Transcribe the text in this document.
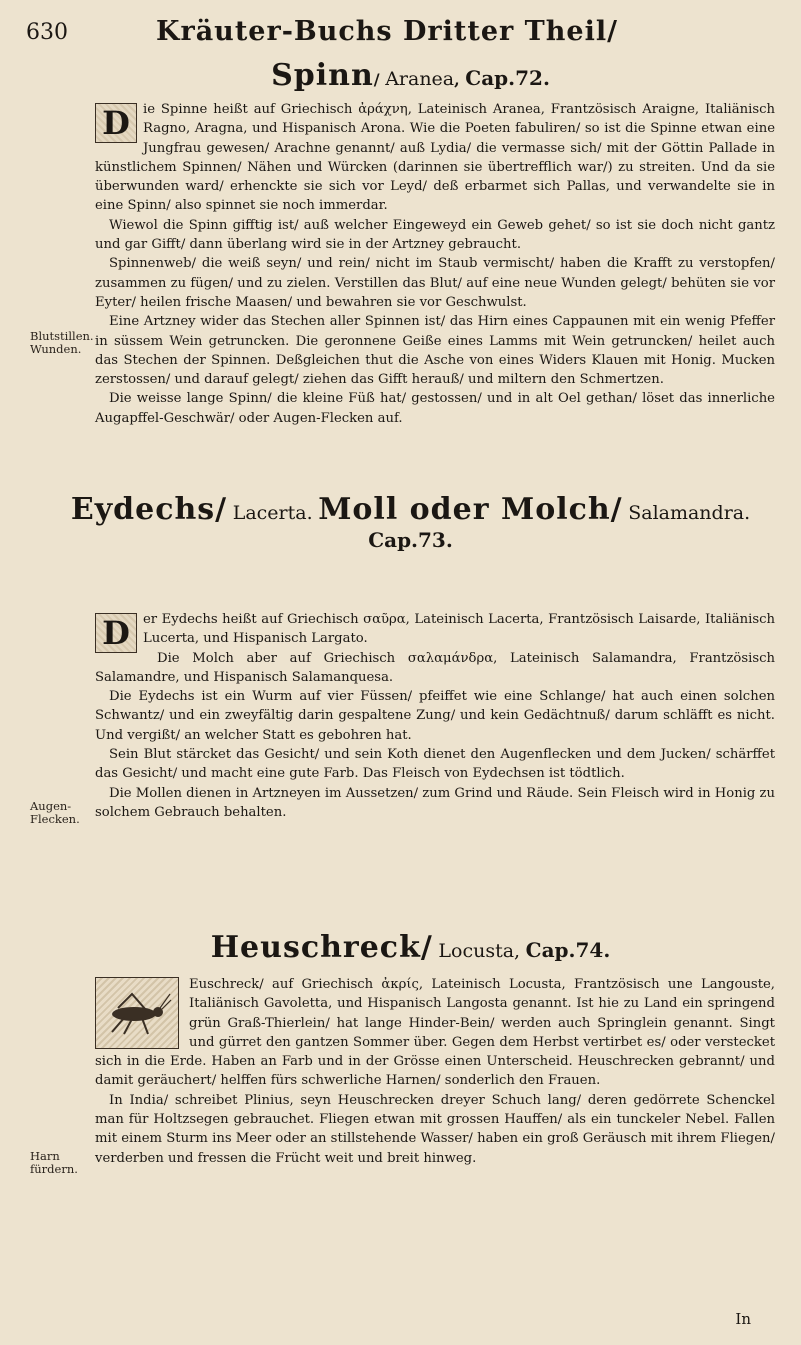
630	Kräuter-Buchs Dritter Theil/
Spinn/ Aranea, Cap.72.

D ie Spinne heißt auf Griechisch ἀράχνη, Lateinisch Aranea, Frantzösisch Araigne, Italiänisch Ragno, Aragna, und Hispanisch Arona. Wie die Poeten fabuliren/ so ist die Spinne etwan eine Jungfrau gewesen/ Arachne genannt/ auß Lydia/ die vermasse sich/ mit der Göttin Pallade in künstlichem Spinnen/ Nähen und Würcken (darinnen sie übertrefflich war/) zu streiten. Und da sie überwunden ward/ erhenckte sie sich vor Leyd/ deß erbarmet sich Pallas, und verwandelte sie in eine Spinn/ also spinnet sie noch immerdar.

Wiewol die Spinn gifftig ist/ auß welcher Eingeweyd ein Geweb gehet/ so ist sie doch nicht gantz und gar Gifft/ dann überlang wird sie in der Artzney gebraucht.

Spinnenweb/ die weiß seyn/ und rein/ nicht im Staub vermischt/ haben die Krafft zu verstopfen/ zusammen zu fügen/ und zu zielen. Verstillen das Blut/ auf eine neue Wunden gelegt/ behüten sie vor Eyter/ heilen frische Maasen/ und bewahren sie vor Geschwulst.

Eine Artzney wider das Stechen aller Spinnen ist/ das Hirn eines Cappaunen mit ein wenig Pfeffer in süssem Wein getruncken. Die geronnene Geiße eines Lamms mit Wein getruncken/ heilet auch das Stechen der Spinnen. Deßgleichen thut die Asche von eines Widers Klauen mit Honig. Mucken zerstossen/ und darauf gelegt/ ziehen das Gifft herauß/ und miltern den Schmertzen.

Die weisse lange Spinn/ die kleine Füß hat/ gestossen/ und in alt Oel gethan/ löset das innerliche Augapffel-Geschwär/ oder Augen-Flecken auf.

Blutstillen. Wunden.
Eydechs/ Lacerta. Moll oder Molch/ Salamandra.
Cap.73.

D er Eydechs heißt auf Griechisch σαῦρα, Lateinisch Lacerta, Frantzösisch Laisarde, Italiänisch Lucerta, und Hispanisch Largato.

Die Molch aber auf Griechisch σαλαμάνδρα, Lateinisch Salamandra, Frantzösisch Salamandre, und Hispanisch Salamanquesa.

Die Eydechs ist ein Wurm auf vier Füssen/ pfeiffet wie eine Schlange/ hat auch einen solchen Schwantz/ und ein zweyfältig darin gespaltene Zung/ und kein Gedächtnuß/ darum schläfft es nicht. Und vergißt/ an welcher Statt es gebohren hat.

Sein Blut stärcket das Gesicht/ und sein Koth dienet den Augenflecken und dem Jucken/ schärffet das Gesicht/ und macht eine gute Farb. Das Fleisch von Eydechsen ist tödtlich.

Die Mollen dienen in Artzneyen im Aussetzen/ zum Grind und Räude. Sein Fleisch wird in Honig zu solchem Gebrauch behalten.

Augen-Flecken.
Heuschreck/ Locusta, Cap.74.

Euschreck/ auf Griechisch ἀκρίς, Lateinisch Locusta, Frantzösisch une Langouste, Italiänisch Gavoletta, und Hispanisch Langosta genannt. Ist hie zu Land ein springend grün Graß-Thierlein/ hat lange Hinder-Bein/ werden auch Springlein genannt. Singt und gürret den gantzen Sommer über. Gegen dem Herbst vertirbet es/ oder verstecket sich in die Erde. Haben an Farb und in der Grösse einen Unterscheid. Heuschrecken gebrannt/ und damit geräuchert/ helffen fürs schwerliche Harnen/ sonderlich den Frauen.

In India/ schreibet Plinius, seyn Heuschrecken dreyer Schuch lang/ deren gedörrete Schenckel man für Holtzsegen gebrauchet. Fliegen etwan mit grossen Hauffen/ als ein tunckeler Nebel. Fallen mit einem Sturm ins Meer oder an stillstehende Wasser/ haben ein groß Geräusch mit ihrem Fliegen/ verderben und fressen die Frücht weit und breit hinweg.

Harn fürdern.
In
